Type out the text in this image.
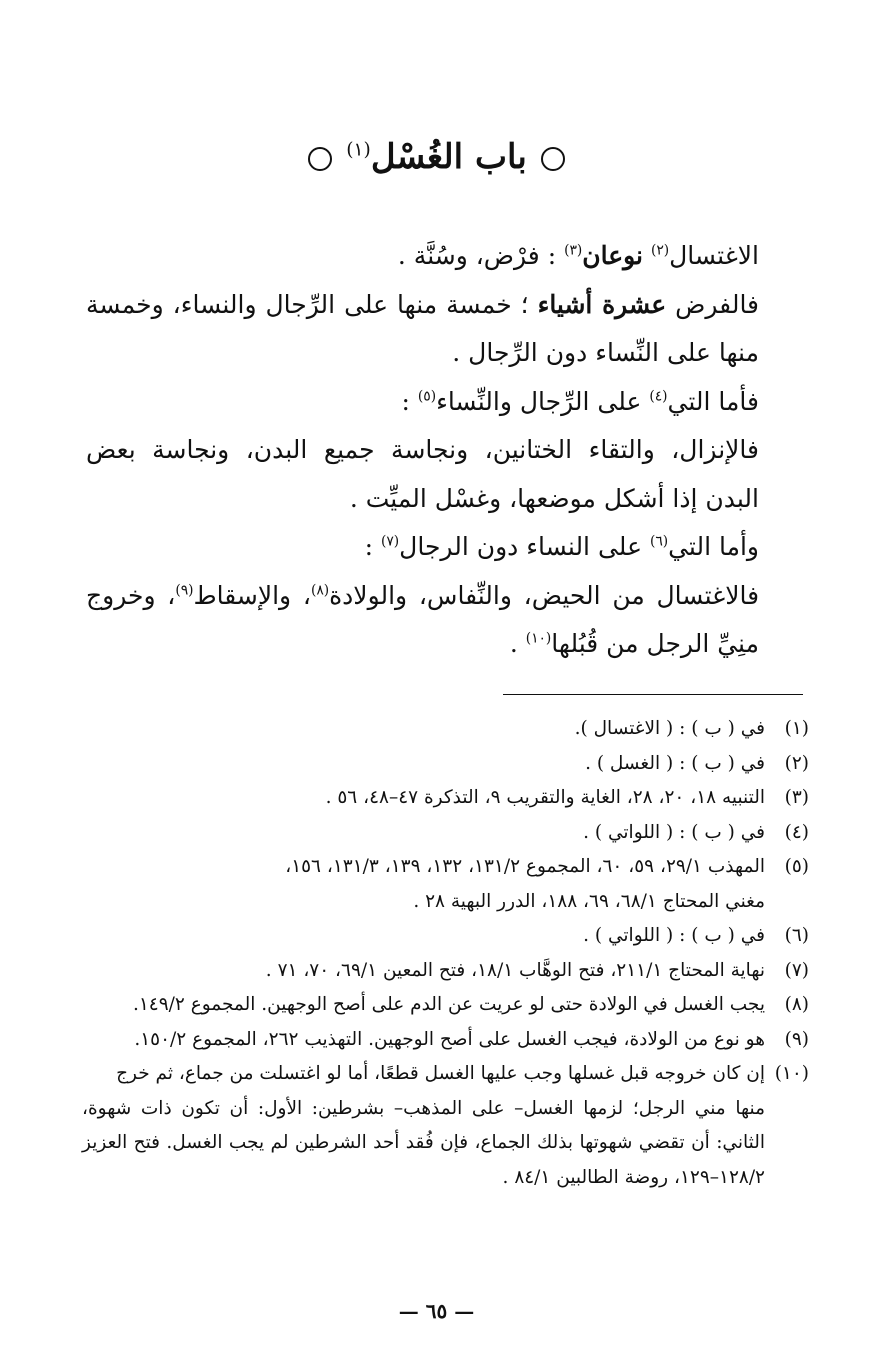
باب الغُسْل$^{(١)}$

الاغتسال$^{(٢)}$ نوعان$^{(٣)}$ : فرْض، وسُنَّة .

فالفرض عشرة أشياء ؛ خمسة منها على الرِّجال والنساء، وخمسة منها على النِّساء دون الرِّجال .

فأما التي$^{(٤)}$ على الرِّجال والنِّساء$^{(٥)}$ :

فالإنزال، والتقاء الختانين، ونجاسة جميع البدن، ونجاسة بعض البدن إذا أشكل موضعها، وغسْل الميِّت .

وأما التي$^{(٦)}$ على النساء دون الرجال$^{(٧)}$ :

فالاغتسال من الحيض، والنِّفاس، والولادة$^{(٨)}$، والإسقاط$^{(٩)}$، وخروج منِيِّ الرجل من قُبُلها$^{(١٠)}$ .

(١)
في ( ب ) : ( الاغتسال ).
(٢)
في ( ب ) : ( الغسل ) .
(٣)
التنبيه ١٨، ٢٠، ٢٨، الغاية والتقريب ٩، التذكرة ٤٧–٤٨، ٥٦ .
(٤)
في ( ب ) : ( اللواتي ) .
(٥)
المهذب ٢٩/١، ٥٩، ٦٠، المجموع ١٣١/٢، ١٣٢، ١٣٩، ١٣١/٣، ١٥٦،

مغني المحتاج ٦٨/١، ٦٩، ١٨٨، الدرر البهية ٢٨ .

(٦)
في ( ب ) : ( اللواتي ) .
(٧)
نهاية المحتاج ٢١١/١، فتح الوهَّاب ١٨/١، فتح المعين ٦٩/١، ٧٠، ٧١ .
(٨)
يجب الغسل في الولادة حتى لو عريت عن الدم على أصح الوجهين. المجموع ١٤٩/٢.
(٩)
هو نوع من الولادة، فيجب الغسل على أصح الوجهين. التهذيب ٢٦٢، المجموع ١٥٠/٢.
(١٠)
إن كان خروجه قبل غسلها وجب عليها الغسل قطعًا، أما لو اغتسلت من جماع، ثم خرج

منها مني الرجل؛ لزمها الغسل– على المذهب– بشرطين: الأول: أن تكون ذات شهوة، الثاني: أن تقضي شهوتها بذلك الجماع، فإن فُقد أحد الشرطين لم يجب الغسل. فتح العزيز ١٢٨/٢–١٢٩، روضة الطالبين ٨٤/١ .

— ٦٥ —
